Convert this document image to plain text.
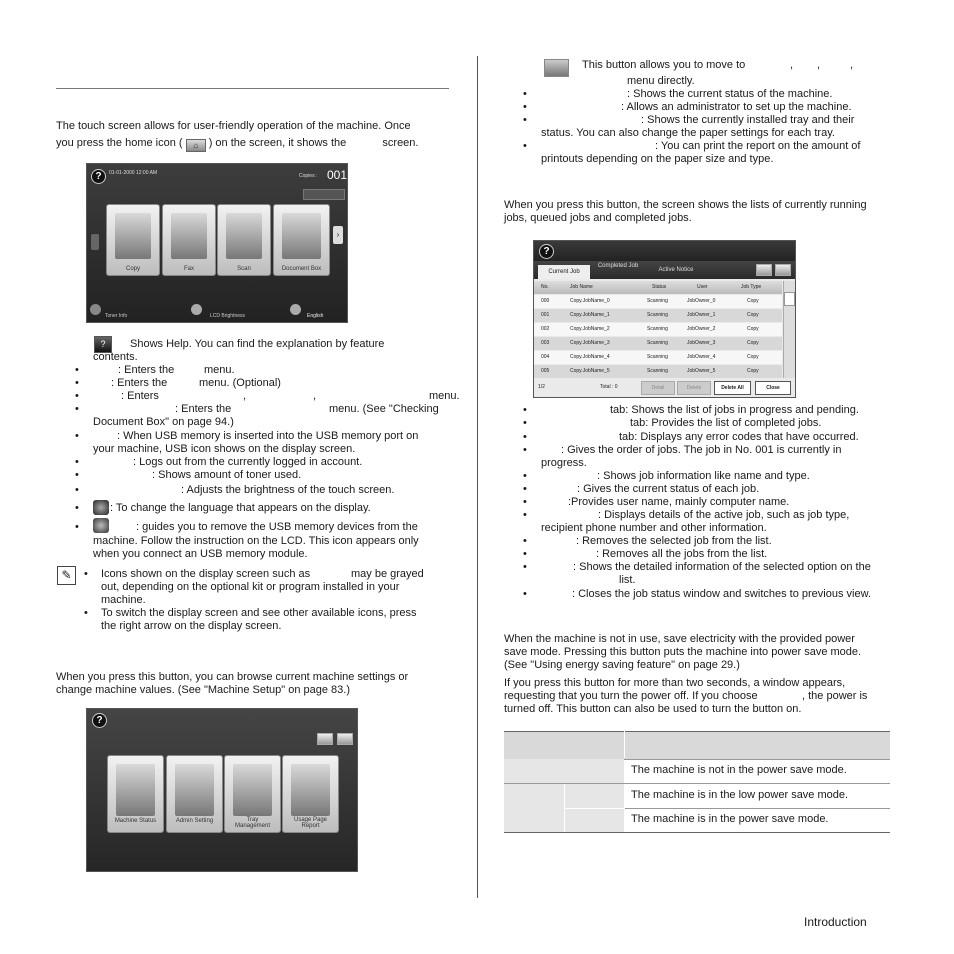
The touch screen allows for user-friendly operation of the machine. Once
you press the home icon ( ⌂ ) on the screen, it shows the	screen.
?	01-01-2000 12:00 AM	Copies : 001
›
Copy	Fax	Scan	Document Box
Toner Info	LCD Brightness	English
?	Shows Help. You can find the explanation by feature
contents.
•	: Enters the	menu.
•	: Enters the	menu. (Optional)
•	: Enters	,	,	menu.
•	: Enters the	menu. (See "Checking
Document Box" on page 94.)
•	: When USB memory is inserted into the USB memory port on
your machine, USB icon shows on the display screen.
•	: Logs out from the currently logged in account.
•	: Shows amount of toner used.
•	: Adjusts the brightness of the touch screen.
•	: To change the language that appears on the display.
•	: guides you to remove the USB memory devices from the
machine. Follow the instruction on the LCD. This icon appears only
when you connect an USB memory module.
✎	• Icons shown on the display screen such as	may be grayed
out, depending on the optional kit or program installed in your
machine.
• To switch the display screen and see other available icons, press
the right arrow on the display screen.
When you press this button, you can browse current machine settings or
change machine values. (See "Machine Setup" on page 83.)
?
Machine Status	Admin Setting	Tray
Management
Usage Page
Report
This button allows you to move to	, ,	,
menu directly.
•	: Shows the current status of the machine.
•	: Allows an administrator to set up the machine.
•	: Shows the currently installed tray and their
status. You can also change the paper settings for each tray.
•	: You can print the report on the amount of
printouts depending on the paper size and type.
When you press this button, the screen shows the lists of currently running
jobs, queued jobs and completed jobs.
?
Current Job
Completed Job
Active Notice
No.	Job Name	Status	User	Job Type
000	Copy.JobName_0	Scanning	JobOwner_0	Copy
001	Copy.JobName_1	Scanning	JobOwner_1	Copy
002	Copy.JobName_2	Scanning	JobOwner_2	Copy
003	Copy.JobName_3	Scanning	JobOwner_3	Copy
004	Copy.JobName_4	Scanning	JobOwner_4	Copy
005	Copy.JobName_5	Scanning	JobOwner_5	Copy
1/2	Total : 0	Detail	Delete	Delete All	Close
•	tab: Shows the list of jobs in progress and pending.
•	tab: Provides the list of completed jobs.
•	tab: Displays any error codes that have occurred.
•	: Gives the order of jobs. The job in No. 001 is currently in
progress.
•	: Shows job information like name and type.
•	: Gives the current status of each job.
•	:Provides user name, mainly computer name.
•	: Displays details of the active job, such as job type,
recipient phone number and other information.
•	: Removes the selected job from the list.
•	: Removes all the jobs from the list.
•	: Shows the detailed information of the selected option on the
list.
•	: Closes the job status window and switches to previous view.
When the machine is not in use, save electricity with the provided power
save mode. Pressing this button puts the machine into power save mode.
(See "Using energy saving feature" on page 29.)
If you press this button for more than two seconds, a window appears,
requesting that you turn the power off. If you choose	, the power is
turned off. This button can also be used to turn the button on.
The machine is not in the power save mode.
The machine is in the low power save mode.
The machine is in the power save mode.
Introduction
